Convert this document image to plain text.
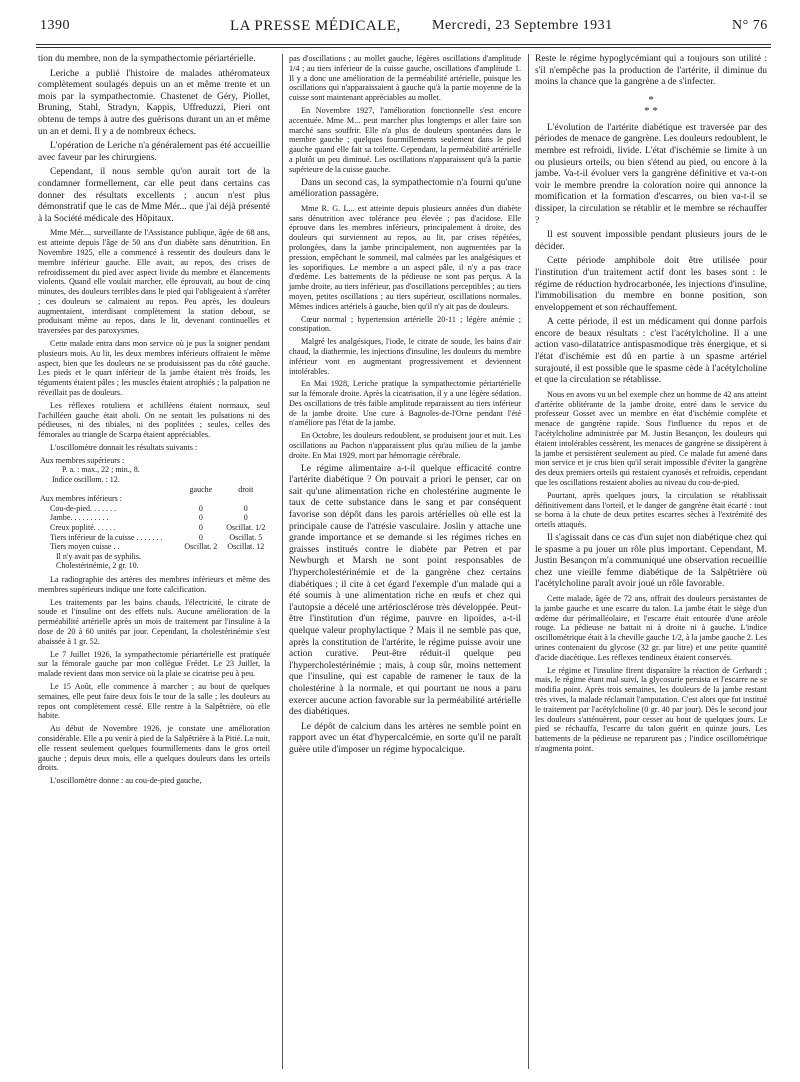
1390	LA PRESSE MÉDICALE, Mercredi, 23 Septembre 1931	N° 76

tion du membre, non de la sympathectomie périartérielle.

Leriche a publié l'histoire de malades athéromateux complètement soulagés depuis un an et même trente et un mois par la sympathectomie. Chastenet de Géry, Piollet, Bruning, Stahl, Stradyn, Kappis, Uffreduzzi, Pieri ont obtenu de temps à autre des guérisons durant un an et même un an et demi. Il y a de nombreux échecs.

L'opération de Leriche n'a généralement pas été accueillie avec faveur par les chirurgiens.

Cependant, il nous semble qu'on aurait tort de la condamner formellement, car elle peut dans certains cas donner des résultats excellents ; aucun n'est plus démonstratif que le cas de Mme Mér... que j'ai déjà présenté à la Société médicale des Hôpitaux.

Mme Mér..., surveillante de l'Assistance publique, âgée de 68 ans, est atteinte depuis l'âge de 50 ans d'un diabète sans dénutrition. En Novembre 1925, elle a commencé à ressentir des douleurs dans le membre inférieur gauche. Elle avait, au repos, des crises de refroidissement du pied avec aspect livide du membre et élancements violents. Quand elle voulait marcher, elle éprouvait, au bout de cinq minutes, des douleurs terribles dans le pied qui l'obligeaient à s'arrêter ; ces douleurs se calmaient au repos. Peu après, les douleurs augmentaient, interdisant complètement la station debout, se produisant même au repos, dans le lit, devenant continuelles et traversées par des paroxysmes.

Cette malade entra dans mon service où je pus la soigner pendant plusieurs mois. Au lit, les deux membres inférieurs offraient le même aspect, bien que les douleurs ne se produisissent pas du côté gauche. Les pieds et le quart inférieur de la jambe étaient très froids, les téguments étaient pâles ; les muscles étaient atrophiés ; la palpation ne réveillait pas de douleurs.

Les réflexes rotuliens et achilléens étaient normaux, seul l'achilléen gauche était aboli. On ne sentait les pulsations ni des pédieuses, ni des tibiales, ni des poplitées ; seules, celles des fémorales au triangle de Scarpa étaient appréciables.

L'oscillomètre donnait les résultats suivants :

Aux membres supérieurs :		
P. a. : max., 22 ; min., 8.		
Indice oscillom. : 12.		
	gauche	droit
Aux membres inférieurs :		
Cou-de-pied. . . . . . .	0	0
Jambe. . . . . . . . . .	0	0
Creux poplité. . . . . .	0	Oscillat. 1/2
Tiers inférieur de la cuisse . . . . . . .	0	Oscillat. 5
Tiers moyen cuisse . .	Oscillat. 2	Oscillat. 12
Il n'y avait pas de syphilis.		
Cholestérinémie, 2 gr. 10.		

La radiographie des artères des membres inférieurs et même des membres supérieurs indique une forte calcification.

Les traitements par les bains chauds, l'électricité, le citrate de soude et l'insuline ont des effets nuls. Aucune amélioration de la perméabilité artérielle après un mois de traitement par l'insuline à la dose de 20 à 60 unités par jour. Cependant, la cholestérinémie s'est abaissée à 1 gr. 52.

Le 7 Juillet 1926, la sympathectomie périartérielle est pratiquée sur la fémorale gauche par mon collègue Frédet. Le 23 Juillet, la malade revient dans mon service où la plaie se cicatrise peu à peu.

Le 15 Août, elle commence à marcher ; au bout de quelques semaines, elle peut faire deux fois le tour de la salle ; les douleurs au repos ont complètement cessé. Elle rentre à la Salpêtrière, où elle habite.

Au début de Novembre 1926, je constate une amélioration considérable. Elle a pu venir à pied de la Salpêtrière à la Pitié. La nuit, elle ressent seulement quelques fourmillements dans le gros orteil gauche ; depuis deux mois, elle a quelques douleurs dans les orteils droits.

L'oscillomètre donne : au cou-de-pied gauche,

pas d'oscillations ; au mollet gauche, légères oscillations d'amplitude 1/4 ; au tiers inférieur de la cuisse gauche, oscillations d'amplitude 1. Il y a donc une amélioration de la perméabilité artérielle, puisque les oscillations qui n'apparaissaient à gauche qu'à la partie moyenne de la cuisse sont maintenant appréciables au mollet.

En Novembre 1927, l'amélioration fonctionnelle s'est encore accentuée. Mme M... peut marcher plus longtemps et aller faire son marché sans souffrir. Elle n'a plus de douleurs spontanées dans le membre gauche ; quelques fourmillements seulement dans le pied gauche quand elle fait sa toilette. Cependant, la perméabilité artérielle a plutôt un peu diminué. Les oscillations n'apparaissent qu'à la partie supérieure de la cuisse gauche.

Dans un second cas, la sympathectomie n'a fourni qu'une amélioration passagère.

Mme R. G. L... est atteinte depuis plusieurs années d'un diabète sans dénutrition avec tolérance peu élevée ; pas d'acidose. Elle éprouve dans les membres inférieurs, principalement à droite, des douleurs qui surviennent au repos, au lit, par crises répétées, prolongées, dans la jambe principalement, non augmentées par la pression, empêchant le sommeil, mal calmées par les analgésiques et les soporifiques. Le membre a un aspect pâle, il n'y a pas trace d'œdème. Les battements de la pédieuse ne sont pas perçus. A la jambe droite, au tiers inférieur, pas d'oscillations perceptibles ; au tiers moyen, petites oscillations ; au tiers supérieur, oscillations normales. Mêmes indices artériels à gauche, bien qu'il n'y ait pas de douleurs.

Cœur normal ; hypertension artérielle 20-11 ; légère anémie ; constipation.

Malgré les analgésiques, l'iode, le citrate de soude, les bains d'air chaud, la diathermie, les injections d'insuline, les douleurs du membre inférieur vont en augmentant progressivement et deviennent intolérables.

En Mai 1928, Leriche pratique la sympathectomie périartérielle sur la fémorale droite. Après la cicatrisation, il y a une légère sédation. Des oscillations de très faible amplitude reparaissent au tiers inférieur de la jambe droite. Une cure à Bagnoles-de-l'Orne pendant l'été n'améliore pas l'état de la jambe.

En Octobre, les douleurs redoublent, se produisent jour et nuit. Les oscillations au Pachon n'apparaissent plus qu'au milieu de la jambe droite. En Mai 1929, mort par hémorragie cérébrale.

Le régime alimentaire a-t-il quelque efficacité contre l'artérite diabétique ? On pouvait a priori le penser, car on sait qu'une alimentation riche en cholestérine augmente le taux de cette substance dans le sang et par conséquent favorise son dépôt dans les parois artérielles où elle est la principale cause de l'atrésie vasculaire. Joslin y attache une grande importance et se demande si les régimes riches en graisses institués contre le diabète par Petren et par Newburgh et Marsh ne sont point responsables de l'hypercholestérinémie et de la gangrène chez certains diabétiques ; il cite à cet égard l'exemple d'un malade qui a été soumis à une alimentation riche en œufs et chez qui l'autopsie a décelé une artériosclérose très développée. Peut-être l'institution d'un régime, pauvre en lipoïdes, a-t-il quelque valeur prophylactique ? Mais il ne semble pas que, après la constitution de l'artérite, le régime puisse avoir une action curative. Peut-être réduit-il quelque peu l'hypercholestérinémie ; mais, à coup sûr, moins nettement que l'insuline, qui est capable de ramener le taux de la cholestérine à la normale, et qui pourtant ne nous a paru exercer aucune action favorable sur la perméabilité artérielle des diabétiques.

Le dépôt de calcium dans les artères ne semble point en rapport avec un état d'hypercalcémie, en sorte qu'il ne paraît guère utile d'imposer un régime hypocalcique.

Reste le régime hypoglycémiant qui a toujours son utilité : s'il n'empêche pas la production de l'artérite, il diminue du moins la chance que la gangrène a de s'infecter.

*
* *

L'évolution de l'artérite diabétique est traversée par des périodes de menace de gangrène. Les douleurs redoublent, le membre est refroidi, livide. L'état d'ischémie se limite à un ou plusieurs orteils, ou bien s'étend au pied, ou encore à la jambe. Va-t-il évoluer vers la gangrène définitive et va-t-on voir le membre prendre la coloration noire qui annonce la momification et la formation d'escarres, ou bien va-t-il se dissiper, la circulation se rétablir et le membre se réchauffer ?

Il est souvent impossible pendant plusieurs jours de le décider.

Cette période amphibole doit être utilisée pour l'institution d'un traitement actif dont les bases sont : le régime de réduction hydrocarbonée, les injections d'insuline, l'immobilisation du membre en bonne position, son enveloppement et son réchauffement.

A cette période, il est un médicament qui donne parfois encore de beaux résultats : c'est l'acétylcholine. Il a une action vaso-dilatatrice antispasmodique très énergique, et si l'état d'ischémie est dû en partie à un spasme artériel surajouté, il est possible que le spasme cède à l'acétylcholine et que la circulation se rétablisse.

Nous en avons vu un bel exemple chez un homme de 42 ans atteint d'artérite oblitérante de la jambe droite, entré dans le service du professeur Gosset avec un membre en état d'ischémie complète et menace de gangrène rapide. Sous l'influence du repos et de l'acétylcholine administrée par M. Justin Besançon, les douleurs qui étaient intolérables cessèrent, les menaces de gangrène se dissipèrent à la jambe et persistèrent seulement au pied. Ce malade fut amené dans mon service et je crus bien qu'il serait impossible d'éviter la gangrène des deux premiers orteils qui restaient cyanosés et refroidis, cependant que les oscillations restaient abolies au niveau du cou-de-pied.

Pourtant, après quelques jours, la circulation se rétablissait définitivement dans l'orteil, et le danger de gangrène était écarté : tout se borna à la chute de deux petites escarres sèches à l'extrémité des orteils attaqués.

Il s'agissait dans ce cas d'un sujet non diabétique chez qui le spasme a pu jouer un rôle plus important. Cependant, M. Justin Besançon m'a communiqué une observation recueillie chez une vieille femme diabétique de la Salpêtrière où l'acétylcholine paraît avoir joué un rôle favorable.

Cette malade, âgée de 72 ans, offrait des douleurs persistantes de la jambe gauche et une escarre du talon. La jambe était le siège d'un œdème dur périmalléolaire, et l'escarre était entourée d'une aréole rouge. La pédieuse ne battait ni à droite ni à gauche. L'indice oscillométrique était à la cheville gauche 1/2, à la jambe gauche 2. Les urines contenaient du glycose (32 gr. par litre) et une petite quantité d'acide diacétique. Les réflexes tendineux étaient conservés.

Le régime et l'insuline firent disparaître la réaction de Gerhardt ; mais, le régime étant mal suivi, la glycosurie persista et l'escarre ne se modifia point. Après trois semaines, les douleurs de la jambe restant très vives, la malade réclamait l'amputation. C'est alors que fut institué le traitement par l'acétylcholine (0 gr. 40 par jour). Dès le second jour les douleurs s'atténuèrent, pour cesser au bout de quelques jours. Le pied se réchauffa, l'escarre du talon guérit en quinze jours. Les battements de la pédieuse ne reparurent pas ; l'indice oscillométrique n'augmenta point.
